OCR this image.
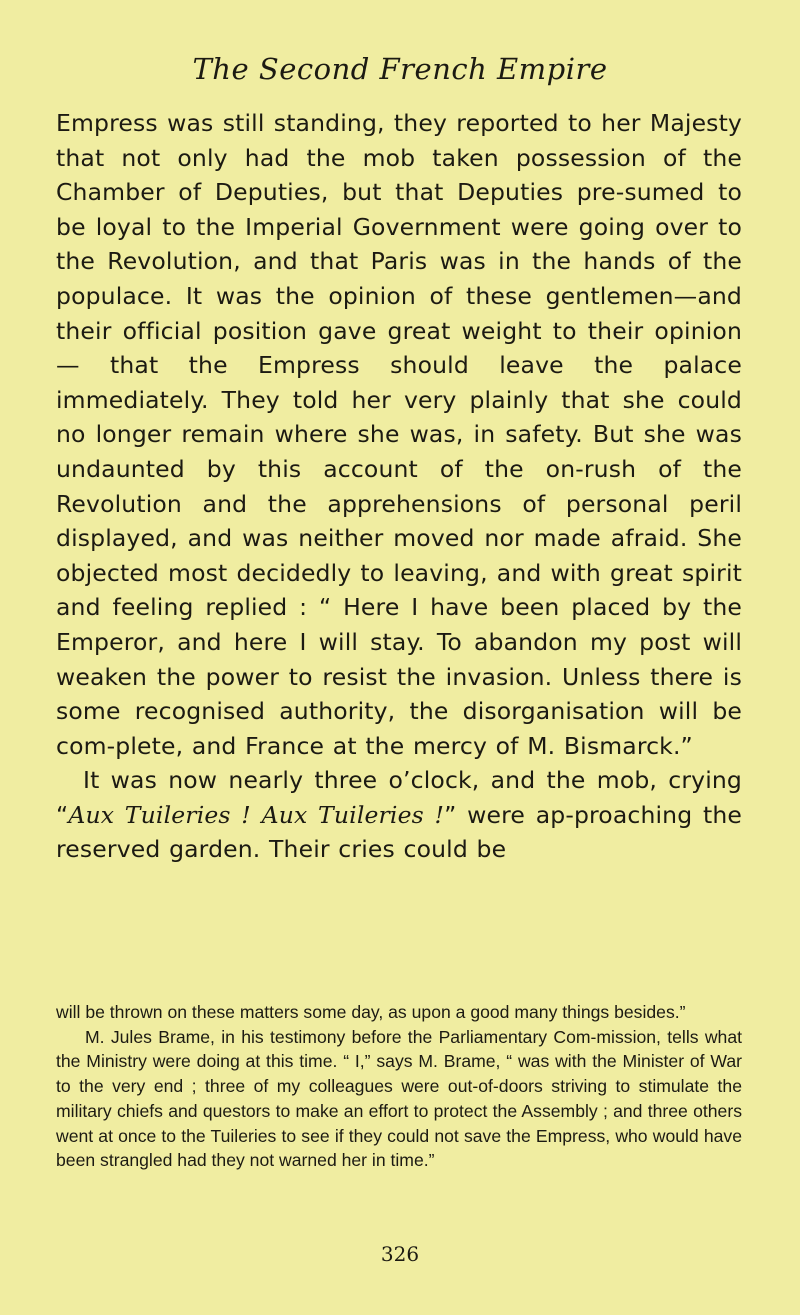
The Second French Empire

Empress was still standing, they reported to her Majesty that not only had the mob taken possession of the Chamber of Deputies, but that Deputies pre-sumed to be loyal to the Imperial Government were going over to the Revolution, and that Paris was in the hands of the populace. It was the opinion of these gentlemen—and their official position gave great weight to their opinion— that the Empress should leave the palace immediately. They told her very plainly that she could no longer remain where she was, in safety. But she was undaunted by this account of the on-rush of the Revolution and the apprehensions of personal peril displayed, and was neither moved nor made afraid. She objected most decidedly to leaving, and with great spirit and feeling replied : “ Here I have been placed by the Emperor, and here I will stay. To abandon my post will weaken the power to resist the invasion. Unless there is some recognised authority, the disorganisation will be com-plete, and France at the mercy of M. Bismarck.”

It was now nearly three o’clock, and the mob, crying “Aux Tuileries ! Aux Tuileries !” were ap-proaching the reserved garden. Their cries could be

will be thrown on these matters some day, as upon a good many things besides.”

M. Jules Brame, in his testimony before the Parliamentary Com-mission, tells what the Ministry were doing at this time. “ I,” says M. Brame, “ was with the Minister of War to the very end ; three of my colleagues were out-of-doors striving to stimulate the military chiefs and questors to make an effort to protect the Assembly ; and three others went at once to the Tuileries to see if they could not save the Empress, who would have been strangled had they not warned her in time.”

326
